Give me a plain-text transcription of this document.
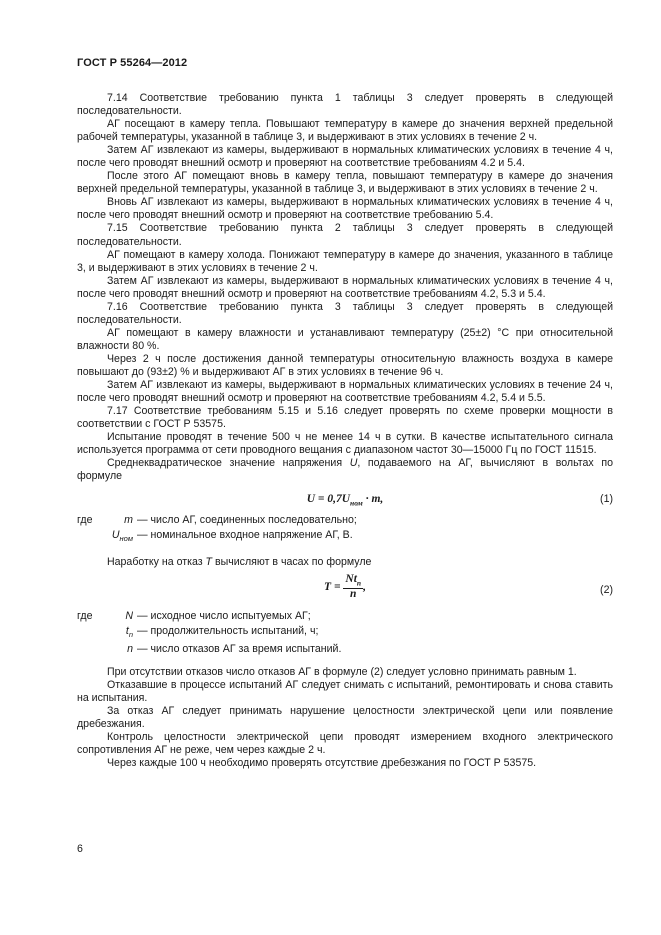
ГОСТ Р 55264—2012

7.14 Соответствие требованию пункта 1 таблицы 3 следует проверять в следующей последовательности.

АГ посещают в камеру тепла. Повышают температуру в камере до значения верхней предельной рабочей температуры, указанной в таблице 3, и выдерживают в этих условиях в течение 2 ч.

Затем АГ извлекают из камеры, выдерживают в нормальных климатических условиях в течение 4 ч, после чего проводят внешний осмотр и проверяют на соответствие требованиям 4.2 и 5.4.

После этого АГ помещают вновь в камеру тепла, повышают температуру в камере до значения верхней предельной температуры, указанной в таблице 3, и выдерживают в этих условиях в течение 2 ч.

Вновь АГ извлекают из камеры, выдерживают в нормальных климатических условиях в течение 4 ч, после чего проводят внешний осмотр и проверяют на соответствие требованию 5.4.

7.15 Соответствие требованию пункта 2 таблицы 3 следует проверять в следующей последовательности.

АГ помещают в камеру холода. Понижают температуру в камере до значения, указанного в таблице 3, и выдерживают в этих условиях в течение 2 ч.

Затем АГ извлекают из камеры, выдерживают в нормальных климатических условиях в течение 4 ч, после чего проводят внешний осмотр и проверяют на соответствие требованиям 4.2, 5.3 и 5.4.

7.16 Соответствие требованию пункта 3 таблицы 3 следует проверять в следующей последовательности.

АГ помещают в камеру влажности и устанавливают температуру (25±2) °С при относительной влажности 80 %.

Через 2 ч после достижения данной температуры относительную влажность воздуха в камере повышают до (93±2) % и выдерживают АГ в этих условиях в течение 96 ч.

Затем АГ извлекают из камеры, выдерживают в нормальных климатических условиях в течение 24 ч, после чего проводят внешний осмотр и проверяют на соответствие требованиям 4.2, 5.4 и 5.5.

7.17 Соответствие требованиям 5.15 и 5.16 следует проверять по схеме проверки мощности в соответствии с ГОСТ Р 53575.

Испытание проводят в течение 500 ч не менее 14 ч в сутки. В качестве испытательного сигнала используется программа от сети проводного вещания с диапазоном частот 30—15000 Гц по ГОСТ 11515.

Среднеквадратическое значение напряжения U, подаваемого на АГ, вычисляют в вольтах по формуле

$U = 0,7U_{ном} \cdot m$,	(1)
где	m — число АГ, соединенных последовательно;
$U_{ном}$ — номинальное входное напряжение АГ, В.

Наработку на отказ T вычисляют в часах по формуле

$T = \frac{Nt_n}{n}$ ,	(2)
где	N — исходное число испытуемых АГ;
$t_n$ — продолжительность испытаний, ч;
n — число отказов АГ за время испытаний.

При отсутствии отказов число отказов АГ в формуле (2) следует условно принимать равным 1.

Отказавшие в процессе испытаний АГ следует снимать с испытаний, ремонтировать и снова ставить на испытания.

За отказ АГ следует принимать нарушение целостности электрической цепи или появление дребезжания.

Контроль целостности электрической цепи проводят измерением входного электрического сопротивления АГ не реже, чем через каждые 2 ч.

Через каждые 100 ч необходимо проверять отсутствие дребезжания по ГОСТ Р 53575.

6
